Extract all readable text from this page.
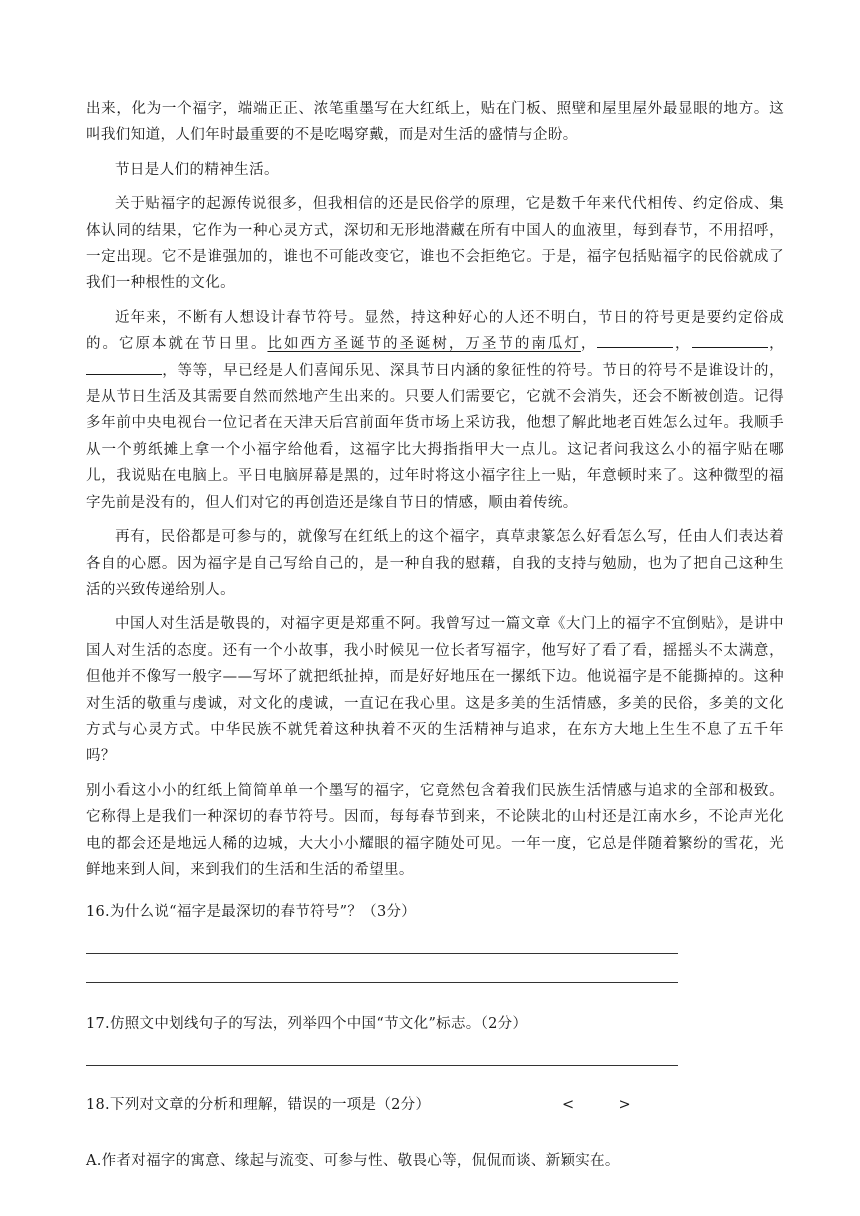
出来，化为一个福字，端端正正、浓笔重墨写在大红纸上，贴在门板、照壁和屋里屋外最显眼的地方。这叫我们知道，人们年时最重要的不是吃喝穿戴，而是对生活的盛情与企盼。

节日是人们的精神生活。

关于贴福字的起源传说很多，但我相信的还是民俗学的原理，它是数千年来代代相传、约定俗成、集体认同的结果，它作为一种心灵方式，深切和无形地潜藏在所有中国人的血液里，每到春节，不用招呼，一定出现。它不是谁强加的，谁也不可能改变它，谁也不会拒绝它。于是，福字包括贴福字的民俗就成了我们一种根性的文化。

近年来，不断有人想设计春节符号。显然，持这种好心的人还不明白，节日的符号更是要约定俗成的。它原本就在节日里。比如西方圣诞节的圣诞树，万圣节的南瓜灯，	，	，，等等，早已经是人们喜闻乐见、深具节日内涵的象征性的符号。节日的符号不是谁设计的，是从节日生活及其需要自然而然地产生出来的。只要人们需要它，它就不会消失，还会不断被创造。记得多年前中央电视台一位记者在天津天后宫前面年货市场上采访我，他想了解此地老百姓怎么过年。我顺手从一个剪纸摊上拿一个小福字给他看，这福字比大拇指指甲大一点儿。这记者问我这么小的福字贴在哪儿，我说贴在电脑上。平日电脑屏幕是黑的，过年时将这小福字往上一贴，年意顿时来了。这种微型的福字先前是没有的，但人们对它的再创造还是缘自节日的情感，顺由着传统。

再有，民俗都是可参与的，就像写在红纸上的这个福字，真草隶篆怎么好看怎么写，任由人们表达着各自的心愿。因为福字是自己写给自己的，是一种自我的慰藉，自我的支持与勉励，也为了把自己这种生活的兴致传递给别人。

中国人对生活是敬畏的，对福字更是郑重不阿。我曾写过一篇文章《大门上的福字不宜倒贴》，是讲中国人对生活的态度。还有一个小故事，我小时候见一位长者写福字，他写好了看了看，摇摇头不太满意，但他并不像写一般字——写坏了就把纸扯掉，而是好好地压在一摞纸下边。他说福字是不能撕掉的。这种对生活的敬重与虔诚，对文化的虔诚，一直记在我心里。这是多美的生活情感，多美的民俗，多美的文化方式与心灵方式。中华民族不就凭着这种执着不灭的生活精神与追求，在东方大地上生生不息了五千年吗？

别小看这小小的红纸上简简单单一个墨写的福字，它竟然包含着我们民族生活情感与追求的全部和极致。它称得上是我们一种深切的春节符号。因而，每每春节到来，不论陕北的山村还是江南水乡，不论声光化电的都会还是地远人稀的边城，大大小小耀眼的福字随处可见。一年一度，它总是伴随着繁纷的雪花，光鲜地来到人间，来到我们的生活和生活的希望里。

16.为什么说“福字是最深切的春节符号”？（3分）
17.仿照文中划线句子的写法，列举四个中国“节文化”标志。（2分）
18.下列对文章的分析和理解，错误的一项是（2分）	<	>
A.作者对福字的寓意、缘起与流变、可参与性、敬畏心等，侃侃而谈、新颖实在。
